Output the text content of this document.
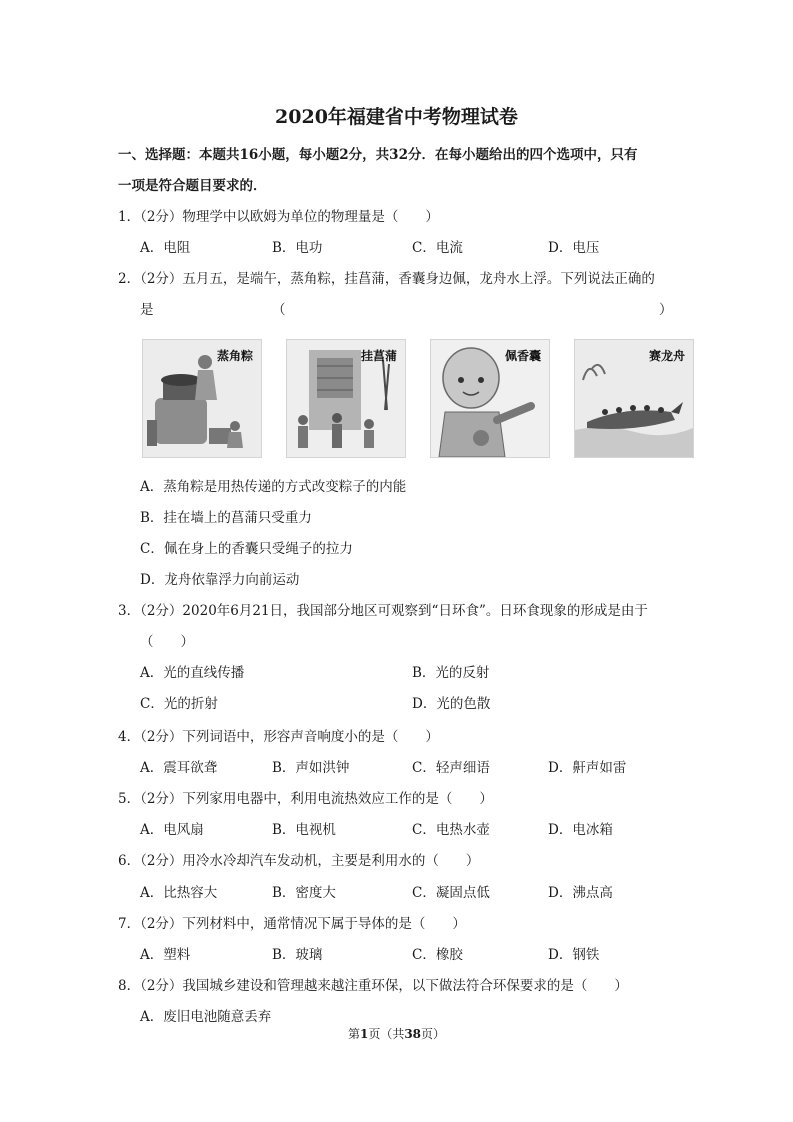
2020年福建省中考物理试卷
一、选择题：本题共16小题，每小题2分，共32分．在每小题给出的四个选项中，只有
一项是符合题目要求的．
1．（2分）物理学中以欧姆为单位的物理量是（　　）
A．电阻	B．电功	C．电流	D．电压
2．（2分）五月五，是端午，蒸角粽，挂菖蒲，香囊身边佩，龙舟水上浮。下列说法正确的
是	（	）
蒸角粽	挂菖蒲	佩香囊	赛龙舟
A．蒸角粽是用热传递的方式改变粽子的内能
B．挂在墙上的菖蒲只受重力
C．佩在身上的香囊只受绳子的拉力
D．龙舟依靠浮力向前运动
3．（2分）2020年6月21日，我国部分地区可观察到“日环食”。日环食现象的形成是由于
（　　）
A．光的直线传播	B．光的反射
C．光的折射	D．光的色散
4．（2分）下列词语中，形容声音响度小的是（　　）
A．震耳欲聋	B．声如洪钟	C．轻声细语	D．鼾声如雷
5．（2分）下列家用电器中，利用电流热效应工作的是（　　）
A．电风扇	B．电视机	C．电热水壶	D．电冰箱
6．（2分）用冷水冷却汽车发动机，主要是利用水的（　　）
A．比热容大	B．密度大	C．凝固点低	D．沸点高
7．（2分）下列材料中，通常情况下属于导体的是（　　）
A．塑料	B．玻璃	C．橡胶	D．钢铁
8．（2分）我国城乡建设和管理越来越注重环保，以下做法符合环保要求的是（　　）
A．废旧电池随意丢弃
第1页（共38页）
